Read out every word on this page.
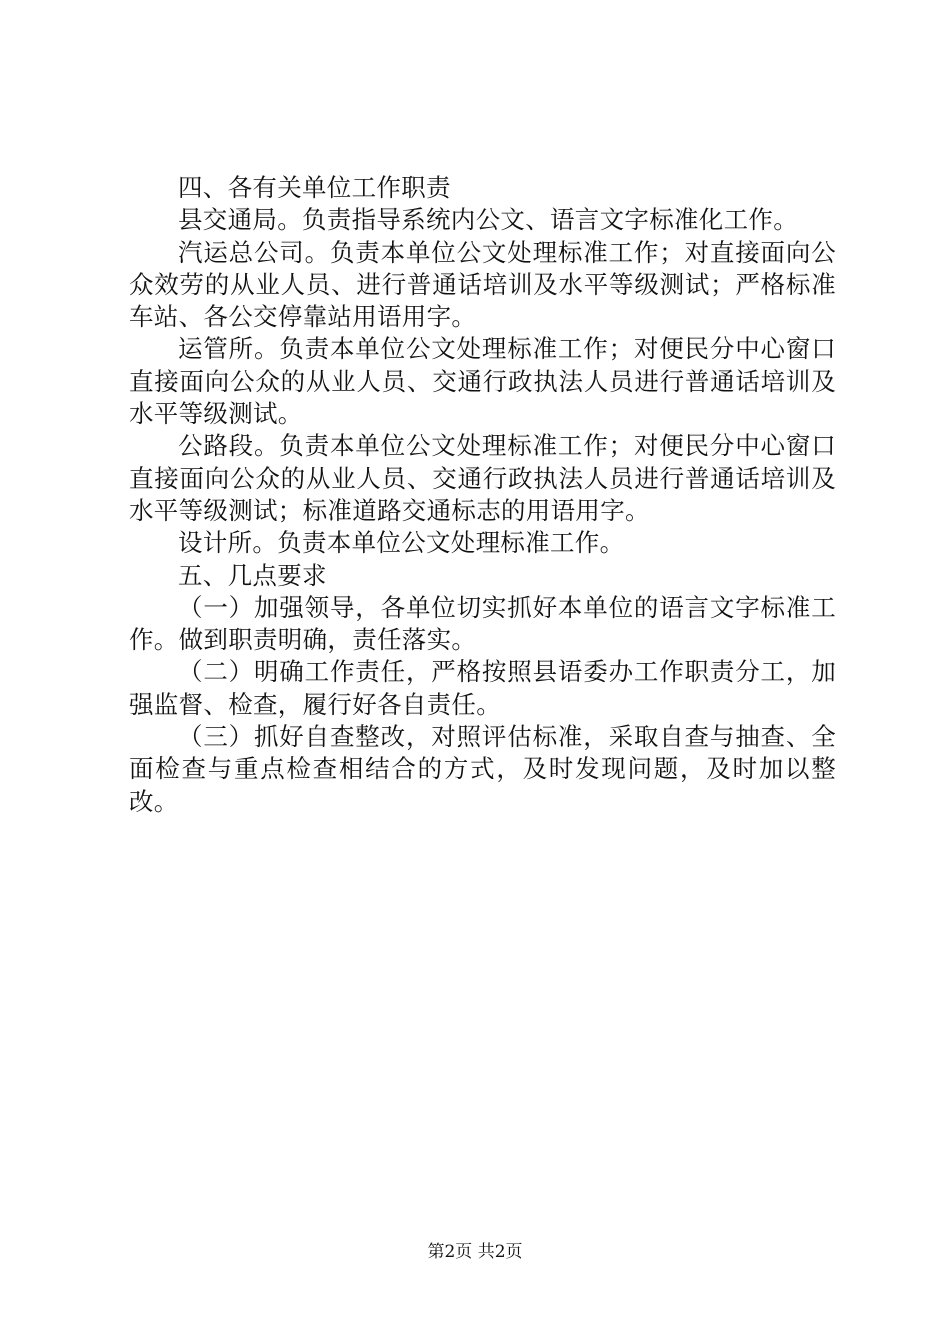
四、各有关单位工作职责

县交通局。负责指导系统内公文、语言文字标准化工作。

汽运总公司。负责本单位公文处理标准工作；对直接面向公众效劳的从业人员、进行普通话培训及水平等级测试；严格标准车站、各公交停靠站用语用字。

运管所。负责本单位公文处理标准工作；对便民分中心窗口直接面向公众的从业人员、交通行政执法人员进行普通话培训及水平等级测试。

公路段。负责本单位公文处理标准工作；对便民分中心窗口直接面向公众的从业人员、交通行政执法人员进行普通话培训及水平等级测试；标准道路交通标志的用语用字。

设计所。负责本单位公文处理标准工作。

五、几点要求

（一）加强领导，各单位切实抓好本单位的语言文字标准工作。做到职责明确，责任落实。

（二）明确工作责任，严格按照县语委办工作职责分工，加强监督、检查，履行好各自责任。

（三）抓好自查整改，对照评估标准，采取自查与抽查、全面检查与重点检查相结合的方式，及时发现问题，及时加以整改。

第2页 共2页
